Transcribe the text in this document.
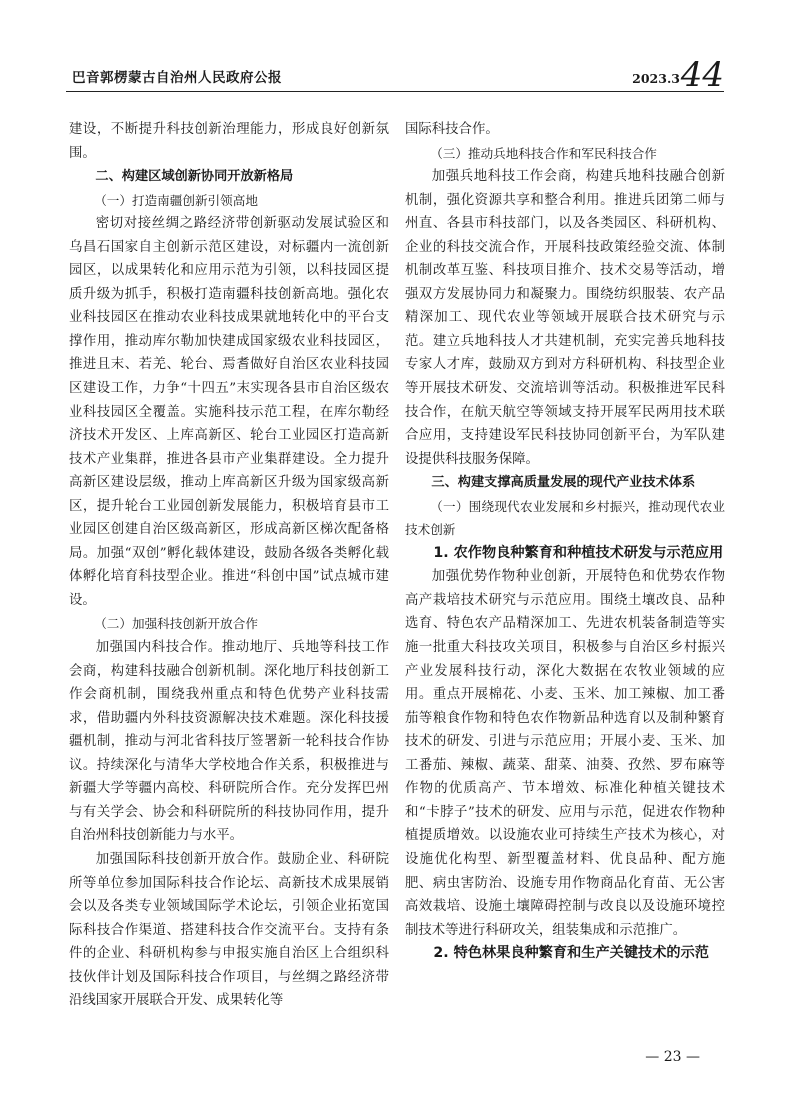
巴音郭楞蒙古自治州人民政府公报	2023.3 44

建设，不断提升科技创新治理能力，形成良好创新氛围。

二、构建区域创新协同开放新格局

（一）打造南疆创新引领高地

密切对接丝绸之路经济带创新驱动发展试验区和乌昌石国家自主创新示范区建设，对标疆内一流创新园区，以成果转化和应用示范为引领，以科技园区提质升级为抓手，积极打造南疆科技创新高地。强化农业科技园区在推动农业科技成果就地转化中的平台支撑作用，推动库尔勒加快建成国家级农业科技园区，推进且末、若羌、轮台、焉耆做好自治区农业科技园区建设工作，力争“十四五”末实现各县市自治区级农业科技园区全覆盖。实施科技示范工程，在库尔勒经济技术开发区、上库高新区、轮台工业园区打造高新技术产业集群，推进各县市产业集群建设。全力提升高新区建设层级，推动上库高新区升级为国家级高新区，提升轮台工业园创新发展能力，积极培育县市工业园区创建自治区级高新区，形成高新区梯次配备格局。加强“双创”孵化载体建设，鼓励各级各类孵化载体孵化培育科技型企业。推进“科创中国”试点城市建设。

（二）加强科技创新开放合作

加强国内科技合作。推动地厅、兵地等科技工作会商，构建科技融合创新机制。深化地厅科技创新工作会商机制，围绕我州重点和特色优势产业科技需求，借助疆内外科技资源解决技术难题。深化科技援疆机制，推动与河北省科技厅签署新一轮科技合作协议。持续深化与清华大学校地合作关系，积极推进与新疆大学等疆内高校、科研院所合作。充分发挥巴州与有关学会、协会和科研院所的科技协同作用，提升自治州科技创新能力与水平。

加强国际科技创新开放合作。鼓励企业、科研院所等单位参加国际科技合作论坛、高新技术成果展销会以及各类专业领域国际学术论坛，引领企业拓宽国际科技合作渠道、搭建科技合作交流平台。支持有条件的企业、科研机构参与申报实施自治区上合组织科技伙伴计划及国际科技合作项目，与丝绸之路经济带沿线国家开展联合开发、成果转化等

国际科技合作。

（三）推动兵地科技合作和军民科技合作

加强兵地科技工作会商，构建兵地科技融合创新机制，强化资源共享和整合利用。推进兵团第二师与州直、各县市科技部门，以及各类园区、科研机构、企业的科技交流合作，开展科技政策经验交流、体制机制改革互鉴、科技项目推介、技术交易等活动，增强双方发展协同力和凝聚力。围绕纺织服装、农产品精深加工、现代农业等领域开展联合技术研究与示范。建立兵地科技人才共建机制，充实完善兵地科技专家人才库，鼓励双方到对方科研机构、科技型企业等开展技术研发、交流培训等活动。积极推进军民科技合作，在航天航空等领域支持开展军民两用技术联合应用，支持建设军民科技协同创新平台，为军队建设提供科技服务保障。

三、构建支撑高质量发展的现代产业技术体系

（一）围绕现代农业发展和乡村振兴，推动现代农业技术创新

1. 农作物良种繁育和种植技术研发与示范应用

加强优势作物种业创新，开展特色和优势农作物高产栽培技术研究与示范应用。围绕土壤改良、品种选育、特色农产品精深加工、先进农机装备制造等实施一批重大科技攻关项目，积极参与自治区乡村振兴产业发展科技行动，深化大数据在农牧业领域的应用。重点开展棉花、小麦、玉米、加工辣椒、加工番茄等粮食作物和特色农作物新品种选育以及制种繁育技术的研发、引进与示范应用；开展小麦、玉米、加工番茄、辣椒、蔬菜、甜菜、油葵、孜然、罗布麻等作物的优质高产、节本增效、标准化种植关键技术和“卡脖子”技术的研发、应用与示范，促进农作物种植提质增效。以设施农业可持续生产技术为核心，对设施优化构型、新型覆盖材料、优良品种、配方施肥、病虫害防治、设施专用作物商品化育苗、无公害高效栽培、设施土壤障碍控制与改良以及设施环境控制技术等进行科研攻关，组装集成和示范推广。

2. 特色林果良种繁育和生产关键技术的示范

— 23 —
